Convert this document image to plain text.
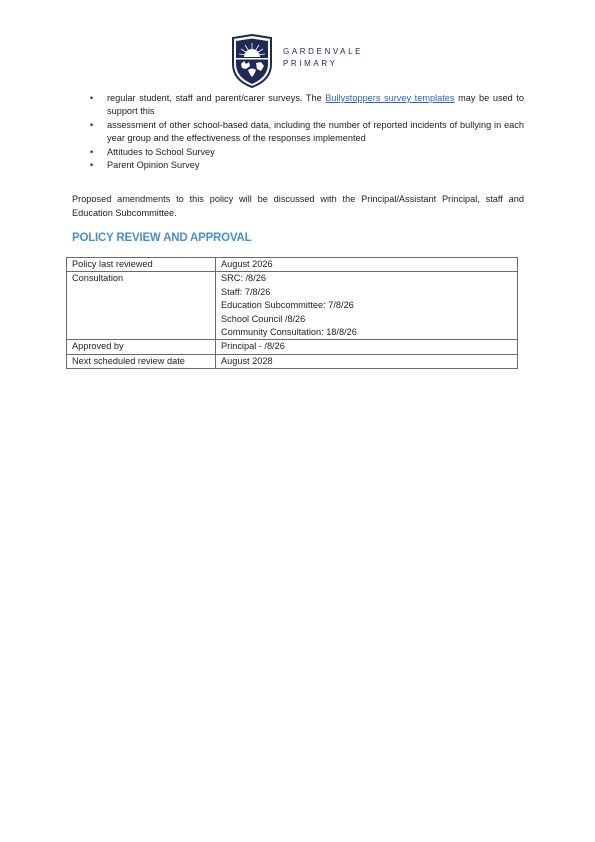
GARDENVALE
PRIMARY
• regular student, staff and parent/carer surveys. The Bullystoppers survey templates may be used to support this
• assessment of other school-based data, including the number of reported incidents of bullying in each year group and the effectiveness of the responses implemented
• Attitudes to School Survey
• Parent Opinion Survey

Proposed amendments to this policy will be discussed with the Principal/Assistant Principal, staff and Education Subcommittee.

POLICY REVIEW AND APPROVAL
Policy last reviewed	August 2026

Consultation	SRC: /8/26
Staff: 7/8/26
Education Subcommittee: 7/8/26
School Council /8/26
Community Consultation: 18/8/26

Approved by	Principal - /8/26

Next scheduled review date	August 2028
